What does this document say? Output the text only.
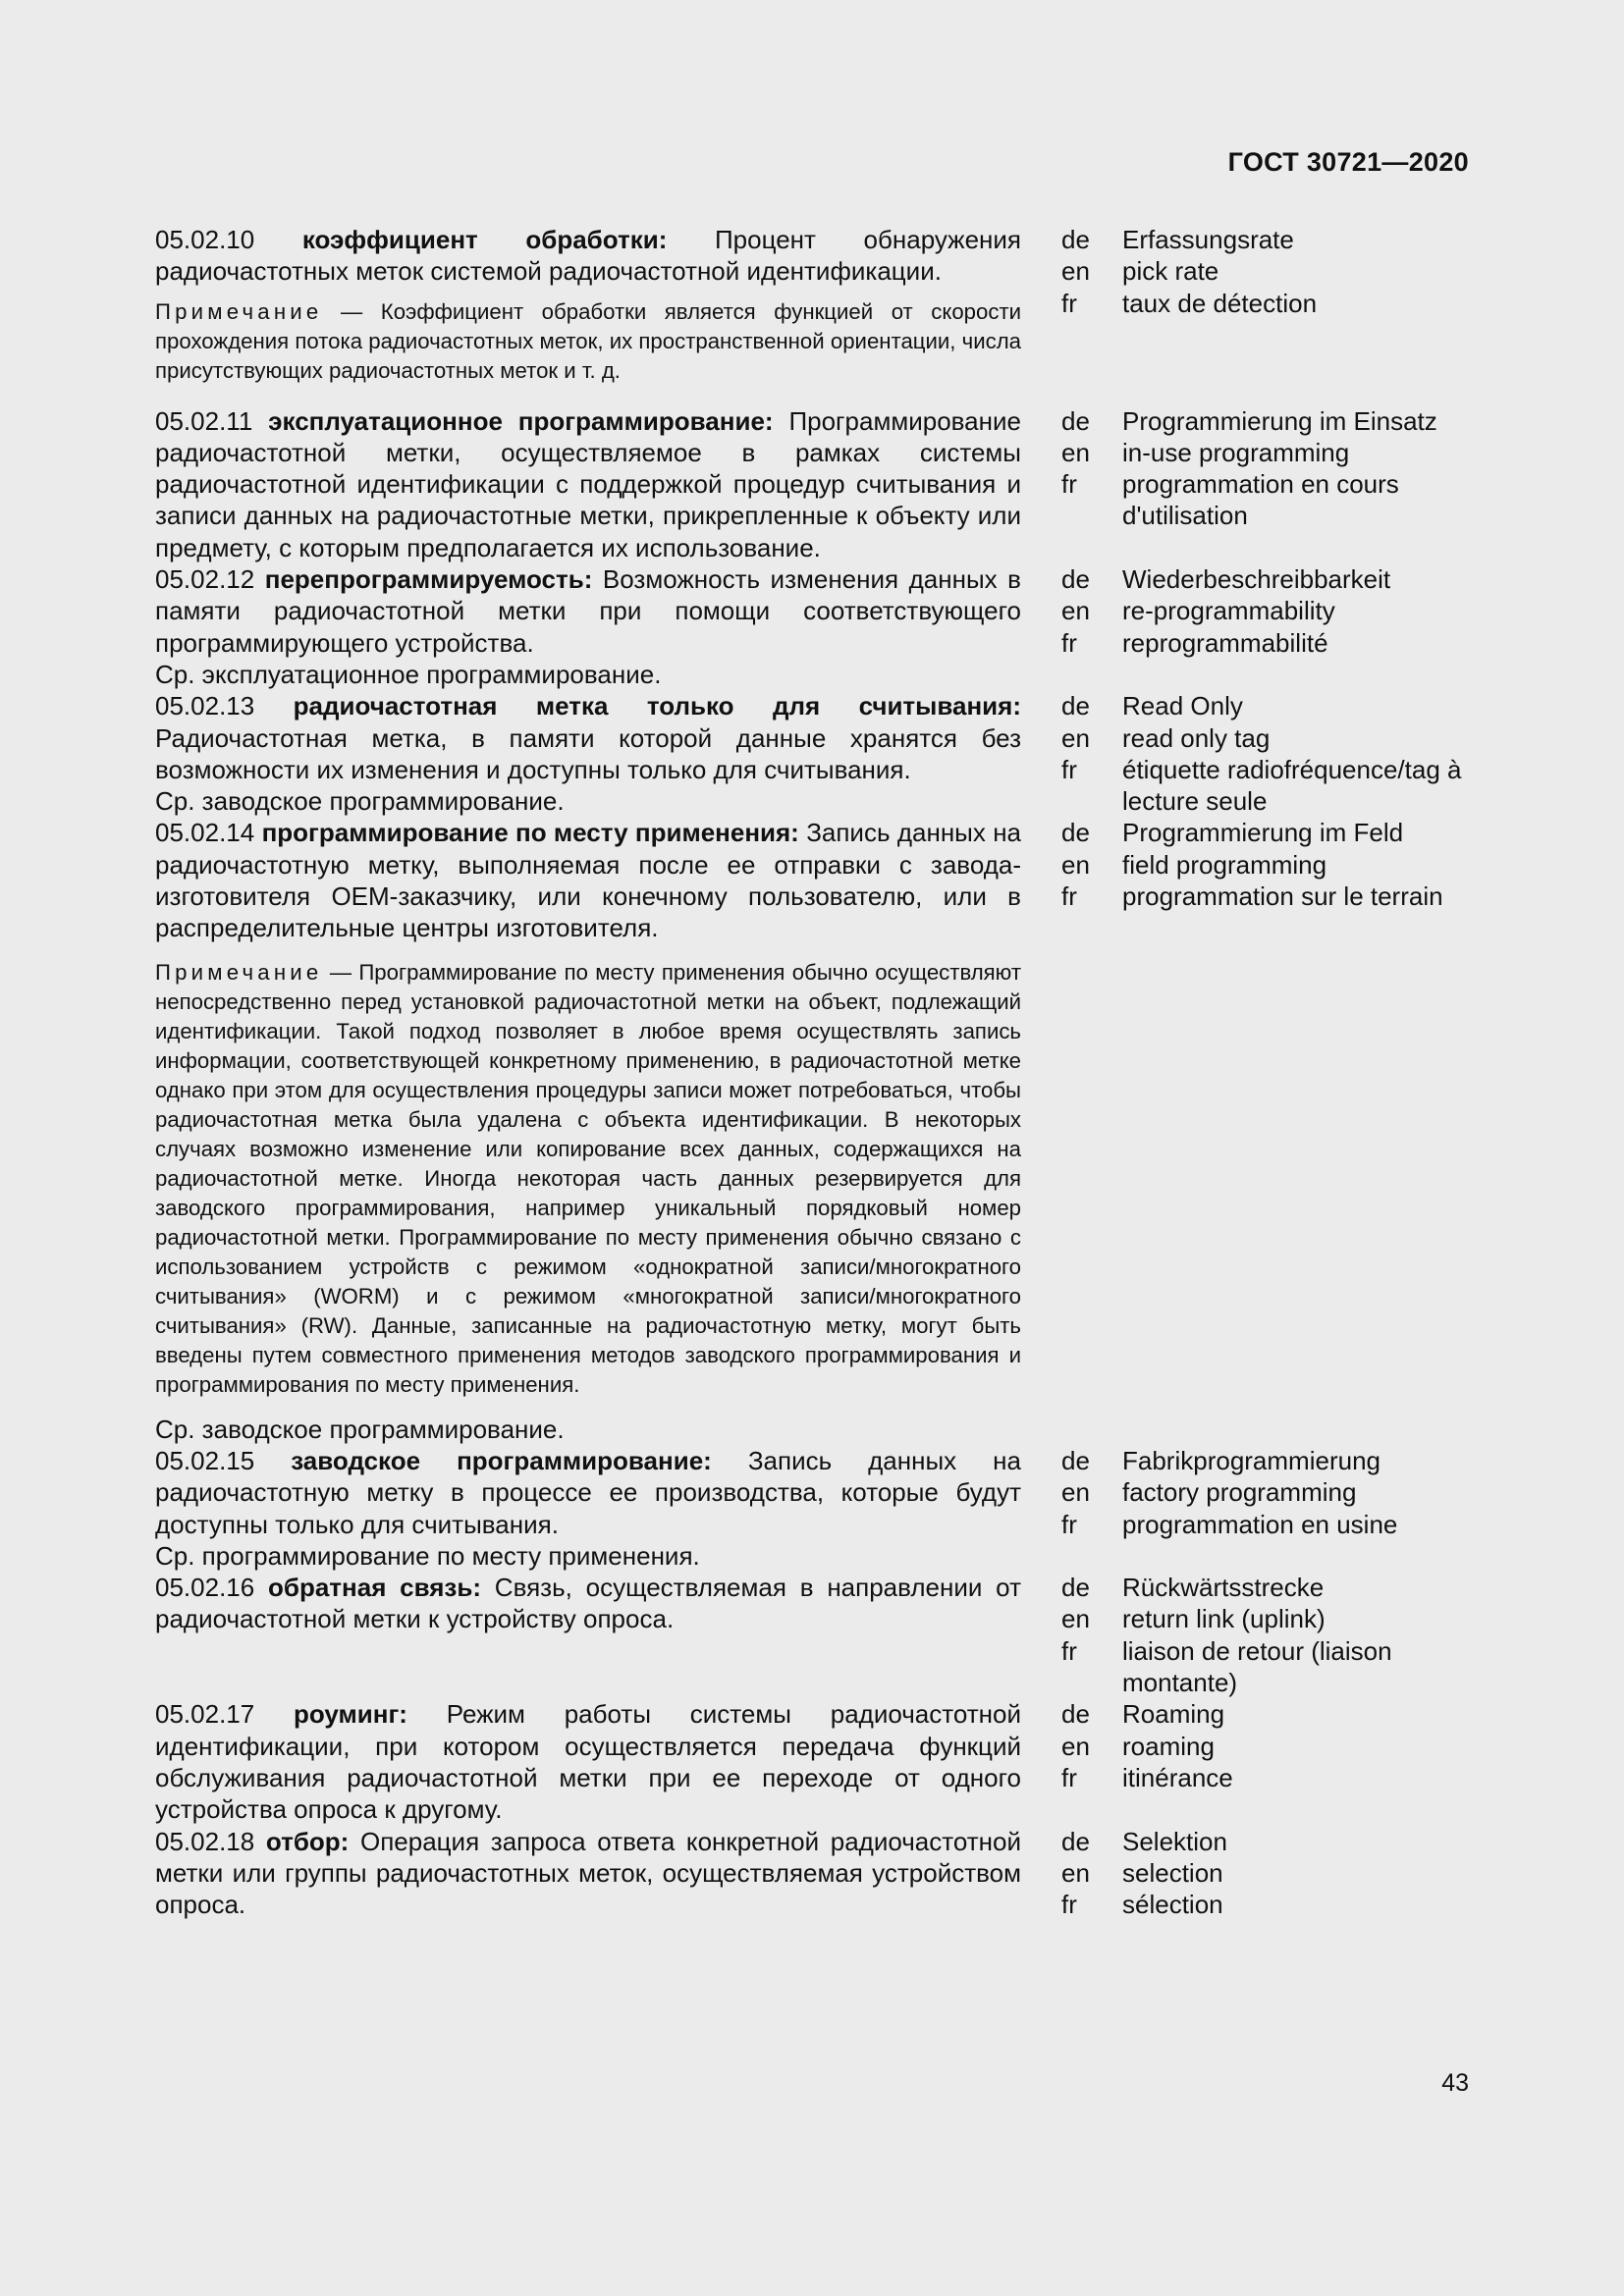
ГОСТ 30721—2020

05.02.10 коэффициент обработки: Процент обнаружения радиочастотных меток системой радиочастотной идентификации.

Примечание — Коэффициент обработки является функцией от скорости прохождения потока радиочастотных меток, их пространственной ориентации, числа присутствующих радиочастотных меток и т. д.

de	Erfassungsrate
en	pick rate
fr	taux de détection

05.02.11 эксплуатационное программирование: Программирование радиочастотной метки, осуществляемое в рамках системы радиочастотной идентификации с поддержкой процедур считывания и записи данных на радиочастотные метки, прикрепленные к объекту или предмету, с которым предполагается их использование.

de	Programmierung im Einsatz
en	in-use programming
fr	programmation en cours d'utilisation

05.02.12 перепрограммируемость: Возможность изменения данных в памяти радиочастотной метки при помощи соответствующего программирующего устройства.

Ср. эксплуатационное программирование.

de	Wiederbeschreibbarkeit
en	re-programmability
fr	reprogrammabilité

05.02.13 радиочастотная метка только для считывания: Радиочастотная метка, в памяти которой данные хранятся без возможности их изменения и доступны только для считывания.

Ср. заводское программирование.

de	Read Only
en	read only tag
fr	étiquette radiofréquence/tag à lecture seule

05.02.14 программирование по месту применения: Запись данных на радиочастотную метку, выполняемая после ее отправки с завода-изготовителя OEM-заказчику, или конечному пользователю, или в распределительные центры изготовителя.

Примечание — Программирование по месту применения обычно осуществляют непосредственно перед установкой радиочастотной метки на объект, подлежащий идентификации. Такой подход позволяет в любое время осуществлять запись информации, соответствующей конкретному применению, в радиочастотной метке однако при этом для осуществления процедуры записи может потребоваться, чтобы радиочастотная метка была удалена с объекта идентификации. В некоторых случаях возможно изменение или копирование всех данных, содержащихся на радиочастотной метке. Иногда некоторая часть данных резервируется для заводского программирования, например уникальный порядковый номер радиочастотной метки. Программирование по месту применения обычно связано с использованием устройств с режимом «однократной записи/многократного считывания» (WORM) и с режимом «многократной записи/многократного считывания» (RW). Данные, записанные на радиочастотную метку, могут быть введены путем совместного применения методов заводского программирования и программирования по месту применения.

Ср. заводское программирование.

de	Programmierung im Feld
en	field programming
fr	programmation sur le terrain

05.02.15 заводское программирование: Запись данных на радиочастотную метку в процессе ее производства, которые будут доступны только для считывания.

Ср. программирование по месту применения.

de	Fabrikprogrammierung
en	factory programming
fr	programmation en usine

05.02.16 обратная связь: Связь, осуществляемая в направлении от радиочастотной метки к устройству опроса.

de	Rückwärtsstrecke
en	return link (uplink)
fr	liaison de retour (liaison montante)

05.02.17 роуминг: Режим работы системы радиочастотной идентификации, при котором осуществляется передача функций обслуживания радиочастотной метки при ее переходе от одного устройства опроса к другому.

de	Roaming
en	roaming
fr	itinérance

05.02.18 отбор: Операция запроса ответа конкретной радиочастотной метки или группы радиочастотных меток, осуществляемая устройством опроса.

de	Selektion
en	selection
fr	sélection
43
